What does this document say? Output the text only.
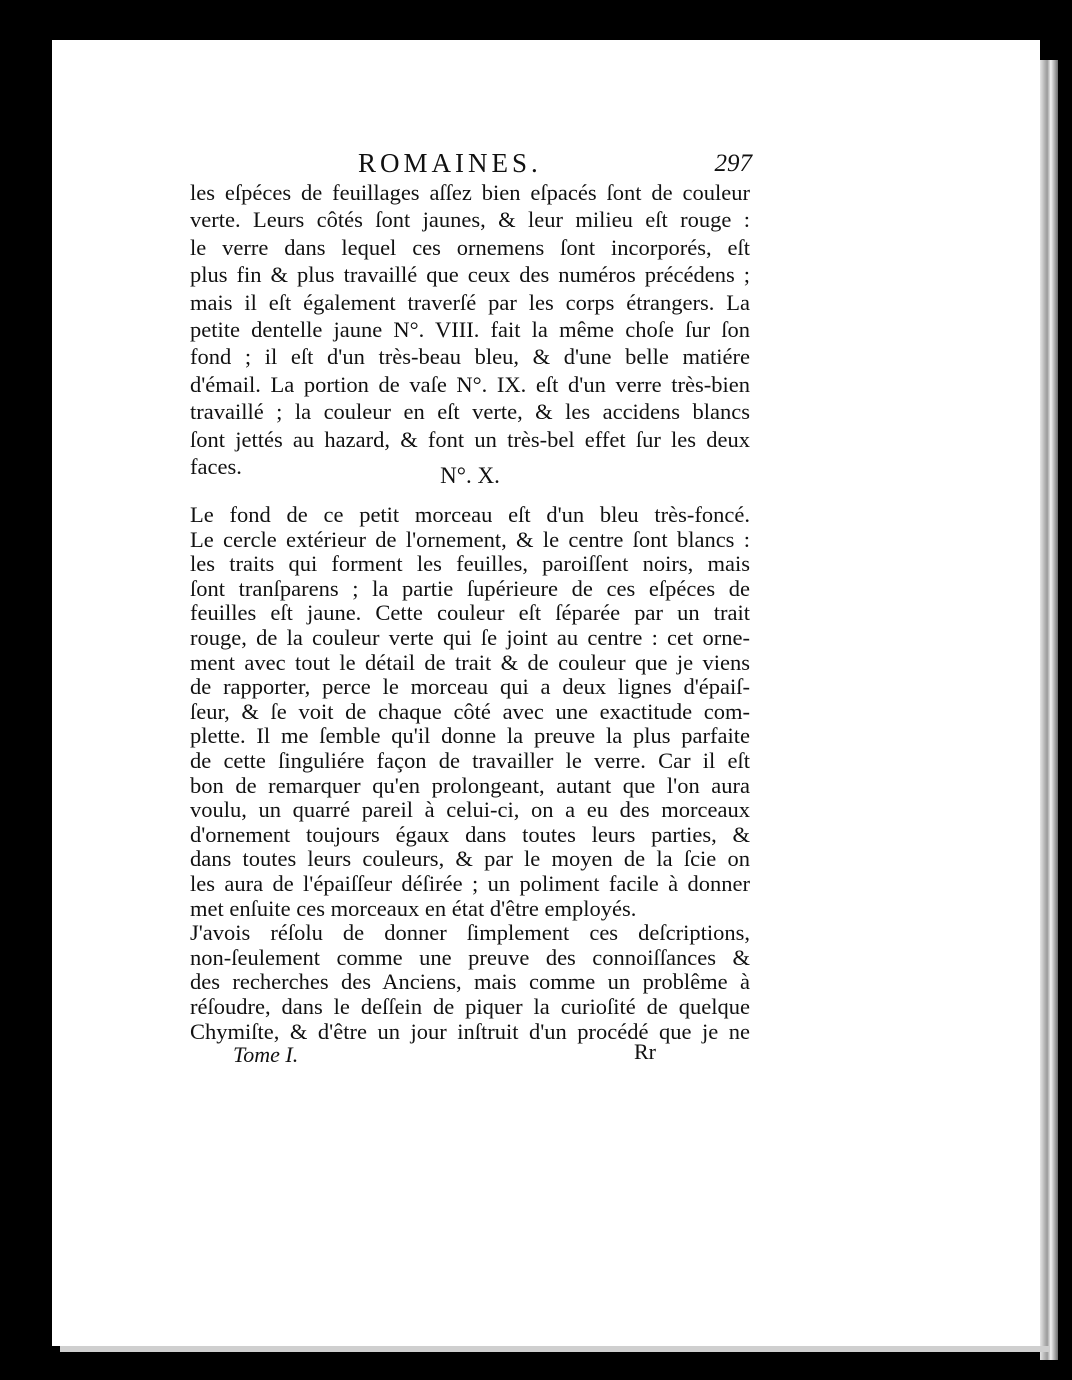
ROMAINES.	297
les eſpéces de feuillages aſſez bien eſpacés ſont de couleur
verte. Leurs côtés ſont jaunes, & leur milieu eſt rouge :
le verre dans lequel ces ornemens ſont incorporés, eſt
plus fin & plus travaillé que ceux des numéros précédens ;
mais il eſt également traverſé par les corps étrangers. La
petite dentelle jaune N°. VIII. fait la même choſe ſur ſon
fond ; il eſt d'un très-beau bleu, & d'une belle matiére
d'émail. La portion de vaſe N°. IX. eſt d'un verre très-bien
travaillé ; la couleur en eſt verte, & les accidens blancs
ſont jettés au hazard, & font un très-bel effet ſur les deux
faces.	N°. X.
Le fond de ce petit morceau eſt d'un bleu très-foncé.
Le cercle extérieur de l'ornement, & le centre ſont blancs :
les traits qui forment les feuilles, paroiſſent noirs, mais
ſont tranſparens ; la partie ſupérieure de ces eſpéces de
feuilles eſt jaune. Cette couleur eſt ſéparée par un trait
rouge, de la couleur verte qui ſe joint au centre : cet orne-
ment avec tout le détail de trait & de couleur que je viens
de rapporter, perce le morceau qui a deux lignes d'épaiſ-
ſeur, & ſe voit de chaque côté avec une exactitude com-
plette. Il me ſemble qu'il donne la preuve la plus parfaite
de cette ſinguliére façon de travailler le verre. Car il eſt
bon de remarquer qu'en prolongeant, autant que l'on aura
voulu, un quarré pareil à celui-ci, on a eu des morceaux
d'ornement toujours égaux dans toutes leurs parties, &
dans toutes leurs couleurs, & par le moyen de la ſcie on
les aura de l'épaiſſeur déſirée ; un poliment facile à donner
met enſuite ces morceaux en état d'être employés.
J'avois réſolu de donner ſimplement ces deſcriptions,
non-ſeulement comme une preuve des connoiſſances &
des recherches des Anciens, mais comme un problême à
réſoudre, dans le deſſein de piquer la curioſité de quelque
Chymiſte, & d'être un jour inſtruit d'un procédé que je ne
Tome I.	Rr
